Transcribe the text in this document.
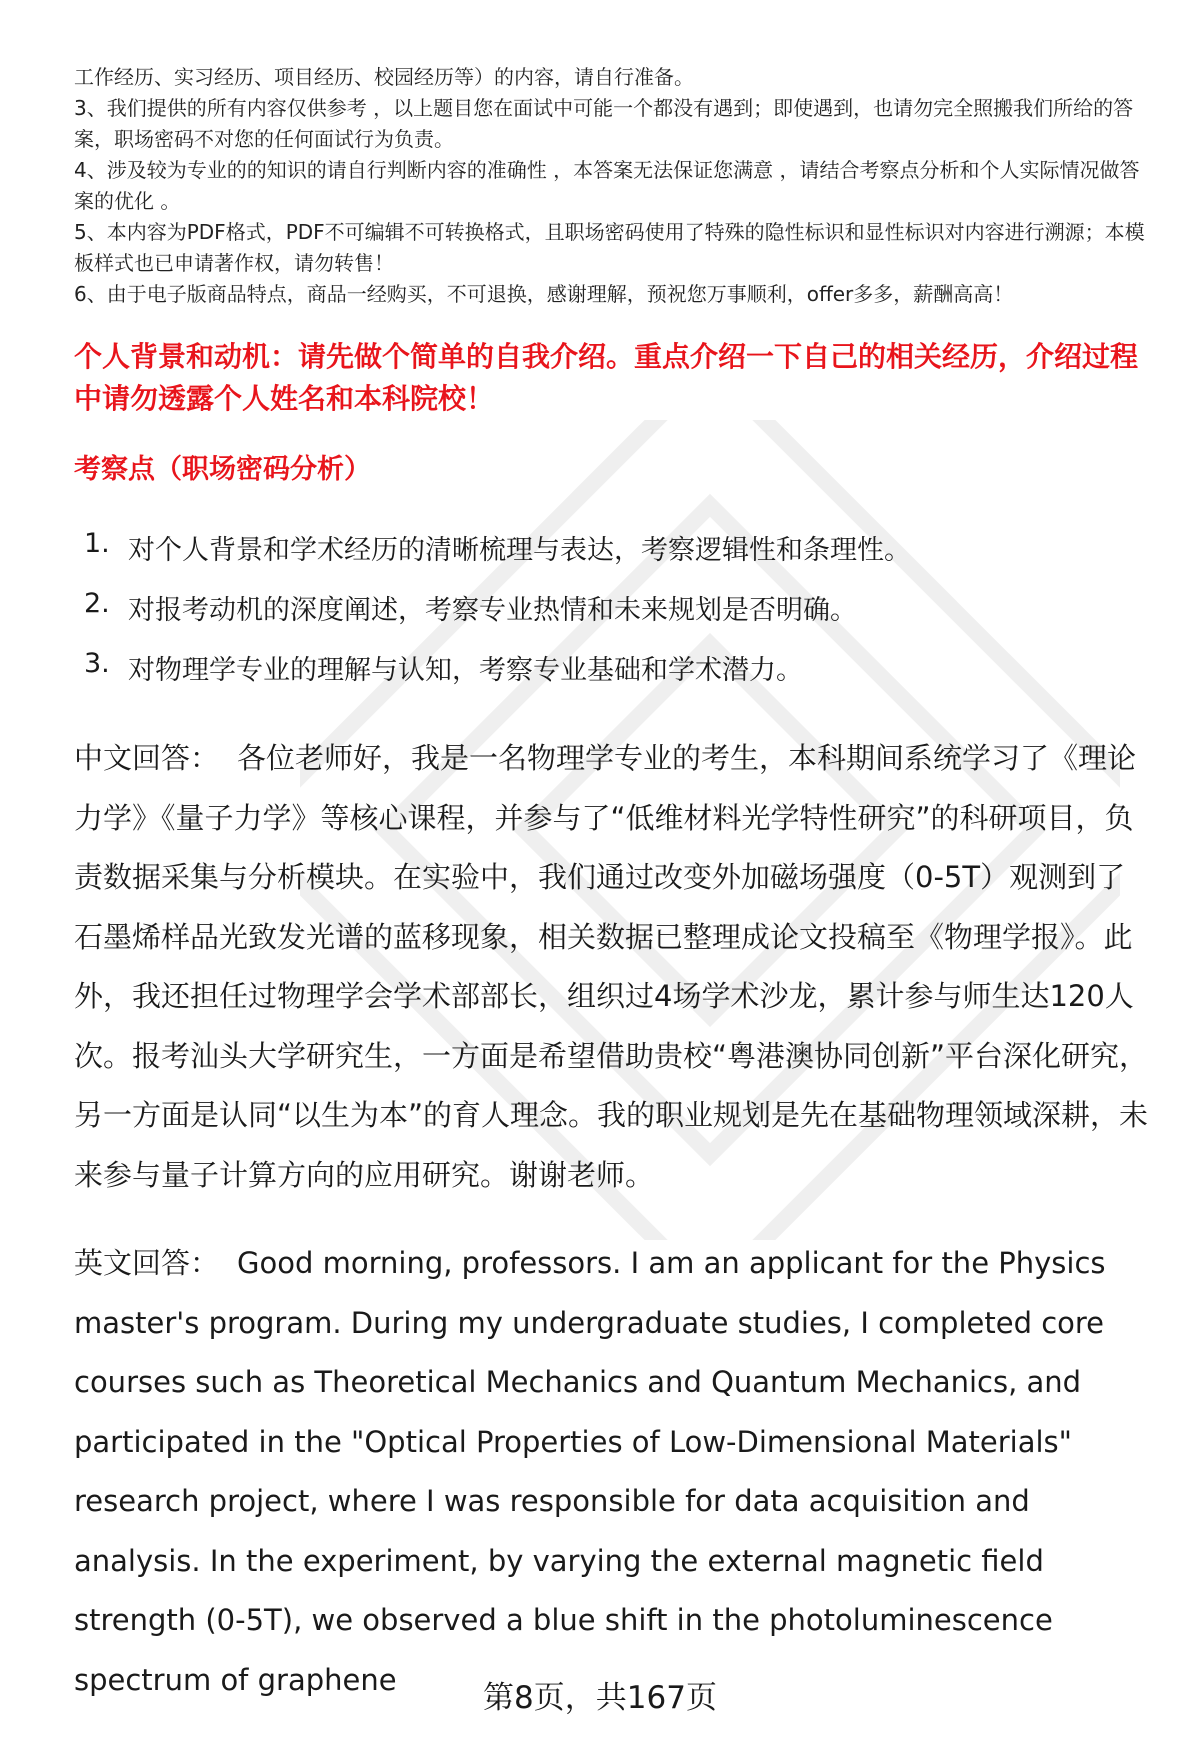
工作经历、实习经历、项目经历、校园经历等）的内容，请自行准备。

3、我们提供的所有内容仅供参考 ，以上题目您在面试中可能一个都没有遇到；即使遇到，也请勿完全照搬我们所给的答案，职场密码不对您的任何面试行为负责。

4、涉及较为专业的的知识的请自行判断内容的准确性 ，本答案无法保证您满意 ，请结合考察点分析和个人实际情况做答案的优化 。

5、本内容为PDF格式，PDF不可编辑不可转换格式，且职场密码使用了特殊的隐性标识和显性标识对内容进行溯源；本模板样式也已申请著作权，请勿转售！

6、由于电子版商品特点，商品一经购买，不可退换，感谢理解，预祝您万事顺利，offer多多，薪酬高高！

个人背景和动机：请先做个简单的自我介绍。重点介绍一下自己的相关经历，介绍过程中请勿透露个人姓名和本科院校！
考察点（职场密码分析）
1. 对个人背景和学术经历的清晰梳理与表达，考察逻辑性和条理性。
2. 对报考动机的深度阐述，考察专业热情和未来规划是否明确。
3. 对物理学专业的理解与认知，考察专业基础和学术潜力。

中文回答： 各位老师好，我是一名物理学专业的考生，本科期间系统学习了《理论力学》《量子力学》等核心课程，并参与了“低维材料光学特性研究”的科研项目，负责数据采集与分析模块。在实验中，我们通过改变外加磁场强度（0-5T）观测到了石墨烯样品光致发光谱的蓝移现象，相关数据已整理成论文投稿至《物理学报》。此外，我还担任过物理学会学术部部长，组织过4场学术沙龙，累计参与师生达120人次。报考汕头大学研究生，一方面是希望借助贵校“粤港澳协同创新”平台深化研究，另一方面是认同“以生为本”的育人理念。我的职业规划是先在基础物理领域深耕，未来参与量子计算方向的应用研究。谢谢老师。

英文回答： Good morning, professors. I am an applicant for the Physics master's program. During my undergraduate studies, I completed core courses such as Theoretical Mechanics and Quantum Mechanics, and participated in the "Optical Properties of Low-Dimensional Materials" research project, where I was responsible for data acquisition and analysis. In the experiment, by varying the external magnetic field strength (0-5T), we observed a blue shift in the photoluminescence spectrum of graphene

第8页，共167页
